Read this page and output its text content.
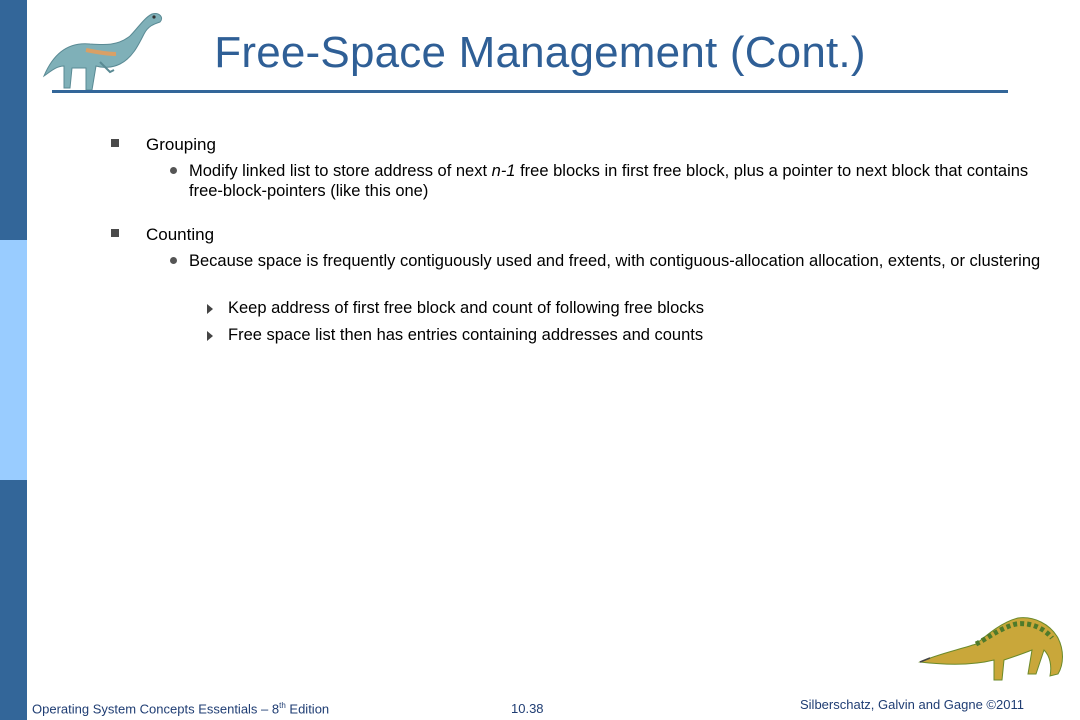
Free-Space Management (Cont.)
Grouping
Modify linked list to store address of next n-1 free blocks in first free block, plus a pointer to next block that contains free-block-pointers (like this one)
Counting
Because space is frequently contiguously used and freed, with contiguous-allocation allocation, extents, or clustering
Keep address of first free block and count of following free blocks
Free space list then has entries containing addresses and counts
Operating System Concepts Essentials – 8th Edition	10.38	Silberschatz, Galvin and Gagne ©2011
